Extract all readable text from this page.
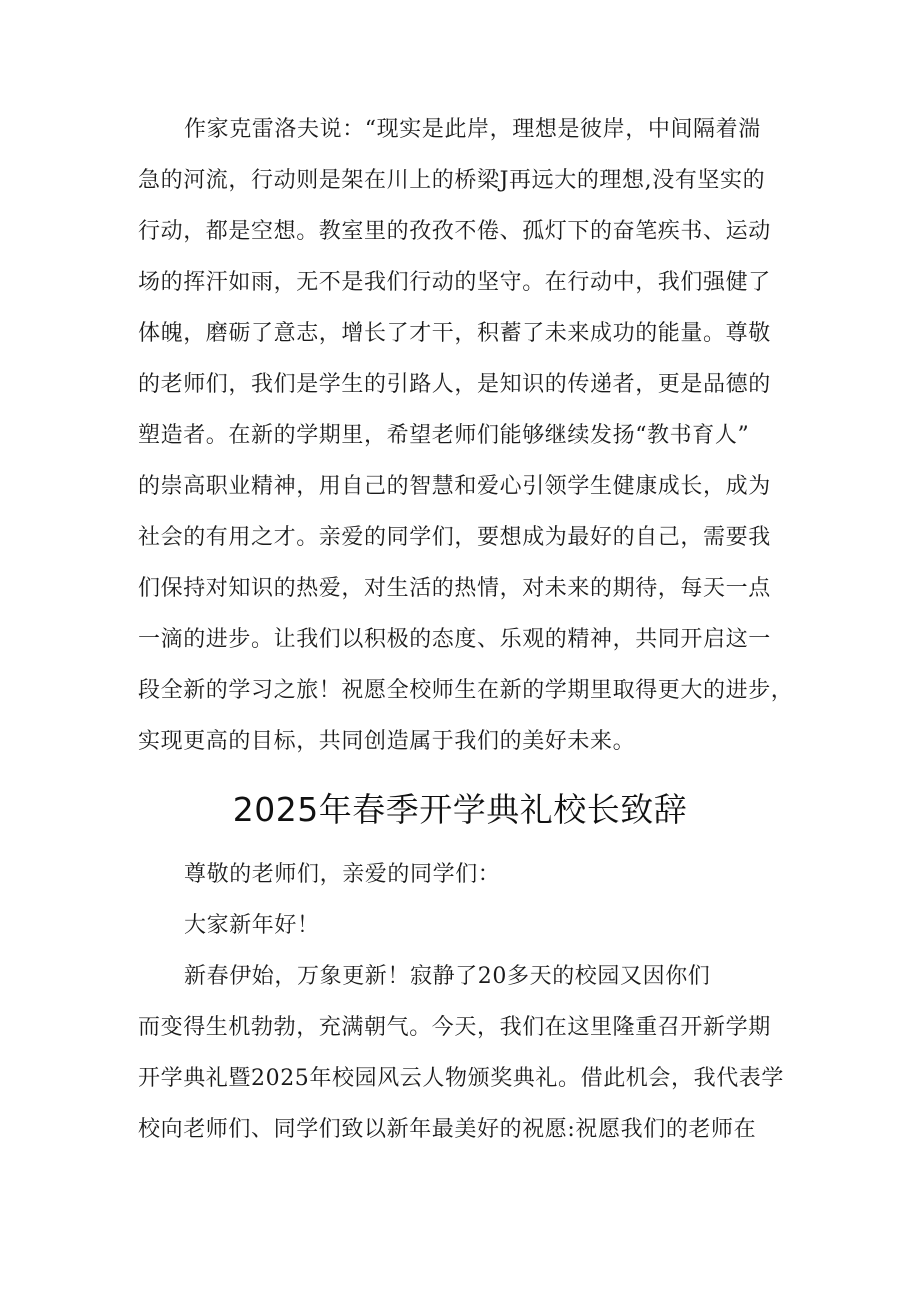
作家克雷洛夫说：“现实是此岸，理想是彼岸，中间隔着湍
急的河流，行动则是架在川上的桥梁J再远大的理想,没有坚实的
行动，都是空想。教室里的孜孜不倦、孤灯下的奋笔疾书、运动
场的挥汗如雨，无不是我们行动的坚守。在行动中，我们强健了
体魄，磨砺了意志，增长了才干，积蓄了未来成功的能量。尊敬
的老师们，我们是学生的引路人，是知识的传递者，更是品德的
塑造者。在新的学期里，希望老师们能够继续发扬“教书育人”
的崇高职业精神，用自己的智慧和爱心引领学生健康成长，成为
社会的有用之才。亲爱的同学们，要想成为最好的自己，需要我
们保持对知识的热爱，对生活的热情，对未来的期待，每天一点
一滴的进步。让我们以积极的态度、乐观的精神，共同开启这一
段全新的学习之旅！祝愿全校师生在新的学期里取得更大的进步，
实现更高的目标，共同创造属于我们的美好未来。
2025年春季开学典礼校长致辞
尊敬的老师们，亲爱的同学们：
大家新年好！
新春伊始，万象更新！寂静了20多天的校园又因你们
而变得生机勃勃，充满朝气。今天，我们在这里隆重召开新学期
开学典礼暨2025年校园风云人物颁奖典礼。借此机会，我代表学
校向老师们、同学们致以新年最美好的祝愿:祝愿我们的老师在
